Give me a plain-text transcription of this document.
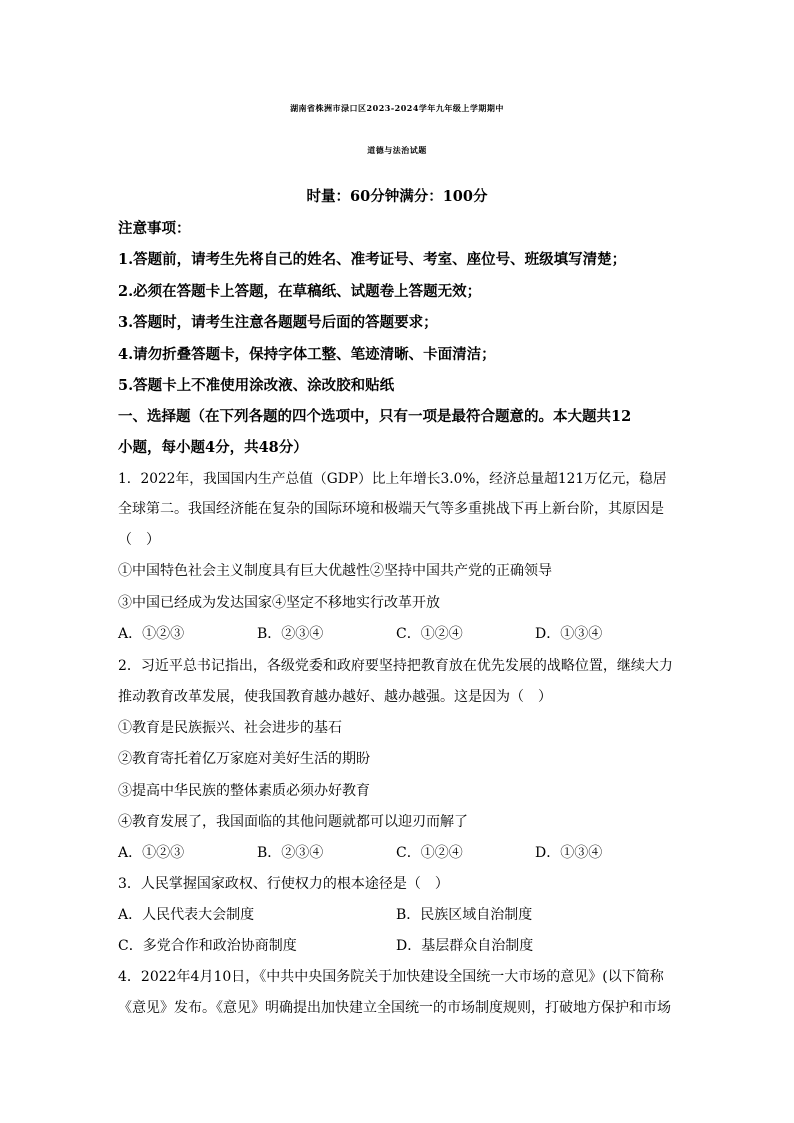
湖南省株洲市渌口区2023-2024学年九年级上学期期中
道德与法治试题
时量：60分钟满分：100分
注意事项：
1.答题前，请考生先将自己的姓名、准考证号、考室、座位号、班级填写清楚；
2.必须在答题卡上答题，在草稿纸、试题卷上答题无效；
3.答题时，请考生注意各题题号后面的答题要求；
4.请勿折叠答题卡，保持字体工整、笔迹清晰、卡面清洁；
5.答题卡上不准使用涂改液、涂改胶和贴纸
一、选择题（在下列各题的四个选项中，只有一项是最符合题意的。本大题共12
小题，每小题4分，共48分）
1．2022年，我国国内生产总值（GDP）比上年增长3.0%，经济总量超121万亿元，稳居
全球第二。我国经济能在复杂的国际环境和极端天气等多重挑战下再上新台阶，其原因是
（　）
①中国特色社会主义制度具有巨大优越性②坚持中国共产党的正确领导
③中国已经成为发达国家④坚定不移地实行改革开放
A．①②③	B．②③④	C．①②④	D．①③④
2．习近平总书记指出，各级党委和政府要坚持把教育放在优先发展的战略位置，继续大力
推动教育改革发展，使我国教育越办越好、越办越强。这是因为（　）
①教育是民族振兴、社会进步的基石
②教育寄托着亿万家庭对美好生活的期盼
③提高中华民族的整体素质必须办好教育
④教育发展了，我国面临的其他问题就都可以迎刃而解了
A．①②③	B．②③④	C．①②④	D．①③④
3．人民掌握国家政权、行使权力的根本途径是（　）
A．人民代表大会制度	B．民族区域自治制度
C．多党合作和政治协商制度	D．基层群众自治制度
4．2022年4月10日，《中共中央国务院关于加快建设全国统一大市场的意见》(以下简称
《意见》发布。《意见》明确提出加快建立全国统一的市场制度规则，打破地方保护和市场
